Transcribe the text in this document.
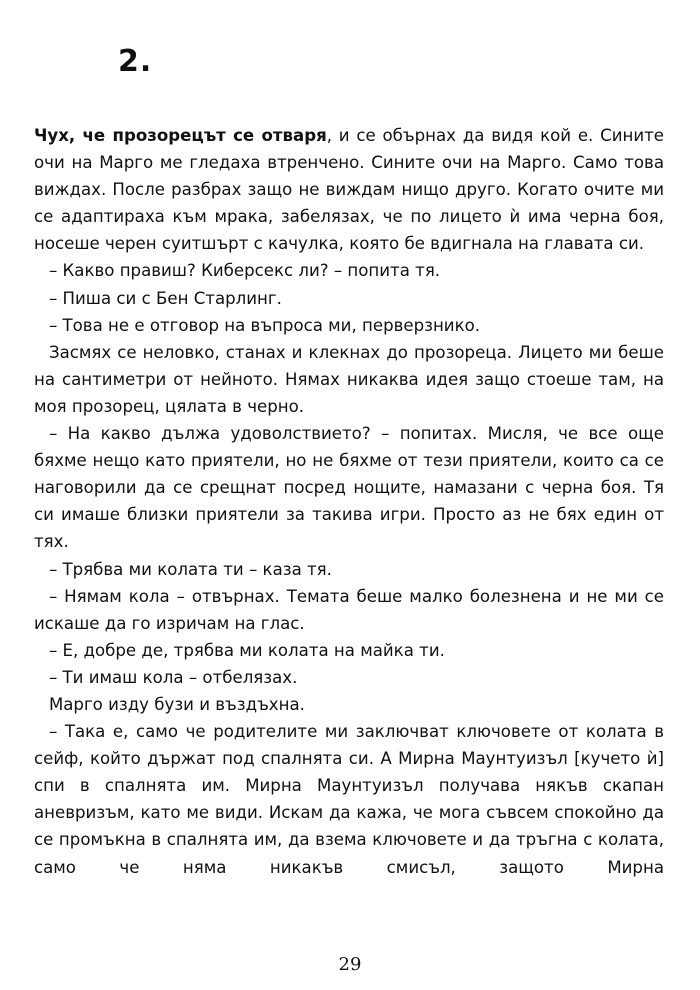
2.

Чух, че прозорецът се отваря, и се обърнах да видя кой е. Сините очи на Марго ме гледаха втренчено. Сините очи на Марго. Само това виждах. После разбрах защо не виждам нищо друго. Когато очите ми се адаптираха към мрака, забелязах, че по лицето ѝ има черна боя, носеше черен суитшърт с качулка, която бе вдигнала на главата си.

– Какво правиш? Киберсекс ли? – попита тя.

– Пиша си с Бен Старлинг.

– Това не е отговор на въпроса ми, перверзнико.

Засмях се неловко, станах и клекнах до прозореца. Лицето ми беше на сантиметри от нейното. Нямах никаква идея защо стоеше там, на моя прозорец, цялата в черно.

– На какво дължа удоволствието? – попитах. Мисля, че все още бяхме нещо като приятели, но не бяхме от тези приятели, които са се наговорили да се срещнат посред нощите, намазани с черна боя. Тя си имаше близки приятели за такива игри. Просто аз не бях един от тях.

– Трябва ми колата ти – каза тя.

– Нямам кола – отвърнах. Темата беше малко болезнена и не ми се искаше да го изричам на глас.

– Е, добре де, трябва ми колата на майка ти.

– Ти имаш кола – отбелязах.

Марго изду бузи и въздъхна.

– Така е, само че родителите ми заключват ключовете от колата в сейф, който държат под спалнята си. А Мирна Маунтуизъл [кучето ѝ] спи в спалнята им. Мирна Маунтуизъл получава някъв скапан аневризъм, като ме види. Искам да кажа, че мога съвсем спокойно да се промъкна в спалнята им, да взема ключовете и да тръгна с колата, само че няма никакъв смисъл, защото Мирна

29
